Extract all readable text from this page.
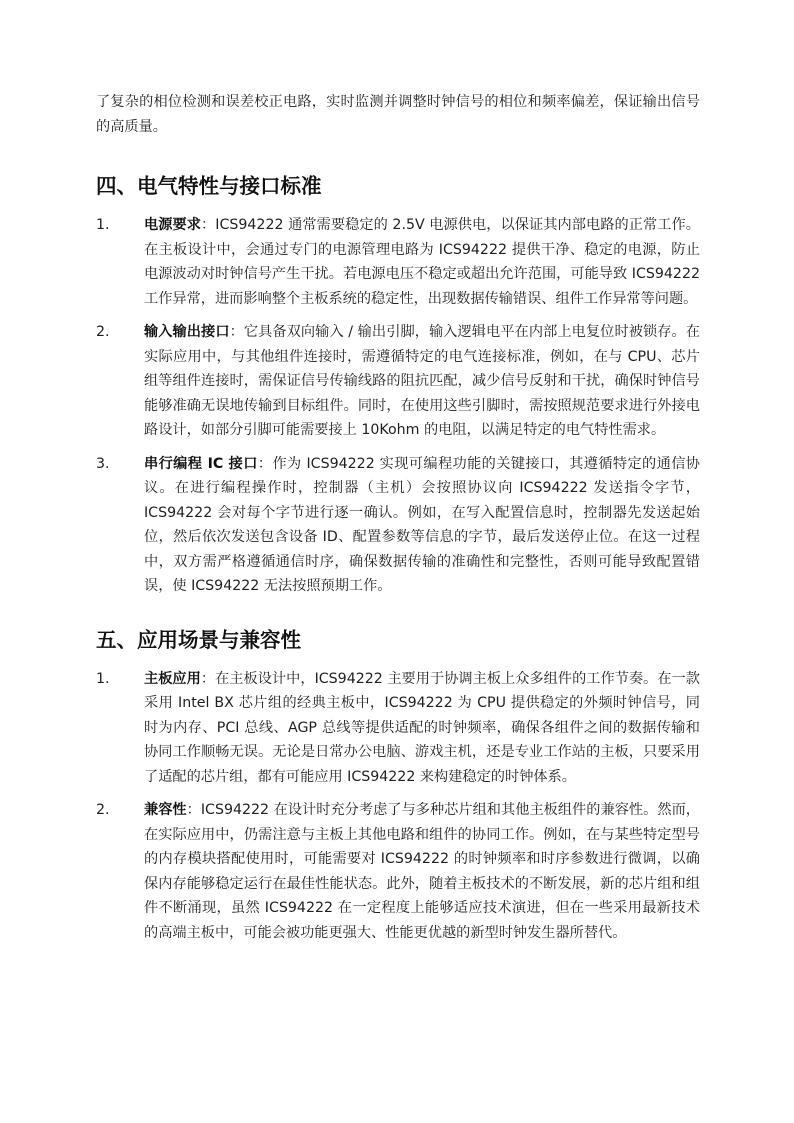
了复杂的相位检测和误差校正电路，实时监测并调整时钟信号的相位和频率偏差，保证输出信号的高质量。

四、电气特性与接口标准
1.	电源要求：ICS94222 通常需要稳定的 2.5V 电源供电，以保证其内部电路的正常工作。在主板设计中，会通过专门的电源管理电路为 ICS94222 提供干净、稳定的电源，防止电源波动对时钟信号产生干扰。若电源电压不稳定或超出允许范围，可能导致 ICS94222 工作异常，进而影响整个主板系统的稳定性，出现数据传输错误、组件工作异常等问题。

2.	输入输出接口：它具备双向输入 / 输出引脚，输入逻辑电平在内部上电复位时被锁存。在实际应用中，与其他组件连接时，需遵循特定的电气连接标准，例如，在与 CPU、芯片组等组件连接时，需保证信号传输线路的阻抗匹配，减少信号反射和干扰，确保时钟信号能够准确无误地传输到目标组件。同时，在使用这些引脚时，需按照规范要求进行外接电路设计，如部分引脚可能需要接上 10Kohm 的电阻，以满足特定的电气特性需求。

3.	串行编程 IC 接口：作为 ICS94222 实现可编程功能的关键接口，其遵循特定的通信协议。在进行编程操作时，控制器（主机）会按照协议向 ICS94222 发送指令字节，ICS94222 会对每个字节进行逐一确认。例如，在写入配置信息时，控制器先发送起始位，然后依次发送包含设备 ID、配置参数等信息的字节，最后发送停止位。在这一过程中，双方需严格遵循通信时序，确保数据传输的准确性和完整性，否则可能导致配置错误，使 ICS94222 无法按照预期工作。

五、应用场景与兼容性
1.	主板应用：在主板设计中，ICS94222 主要用于协调主板上众多组件的工作节奏。在一款采用 Intel BX 芯片组的经典主板中，ICS94222 为 CPU 提供稳定的外频时钟信号，同时为内存、PCI 总线、AGP 总线等提供适配的时钟频率，确保各组件之间的数据传输和协同工作顺畅无误。无论是日常办公电脑、游戏主机，还是专业工作站的主板，只要采用了适配的芯片组，都有可能应用 ICS94222 来构建稳定的时钟体系。

2.	兼容性：ICS94222 在设计时充分考虑了与多种芯片组和其他主板组件的兼容性。然而，在实际应用中，仍需注意与主板上其他电路和组件的协同工作。例如，在与某些特定型号的内存模块搭配使用时，可能需要对 ICS94222 的时钟频率和时序参数进行微调，以确保内存能够稳定运行在最佳性能状态。此外，随着主板技术的不断发展，新的芯片组和组件不断涌现，虽然 ICS94222 在一定程度上能够适应技术演进，但在一些采用最新技术的高端主板中，可能会被功能更强大、性能更优越的新型时钟发生器所替代。
